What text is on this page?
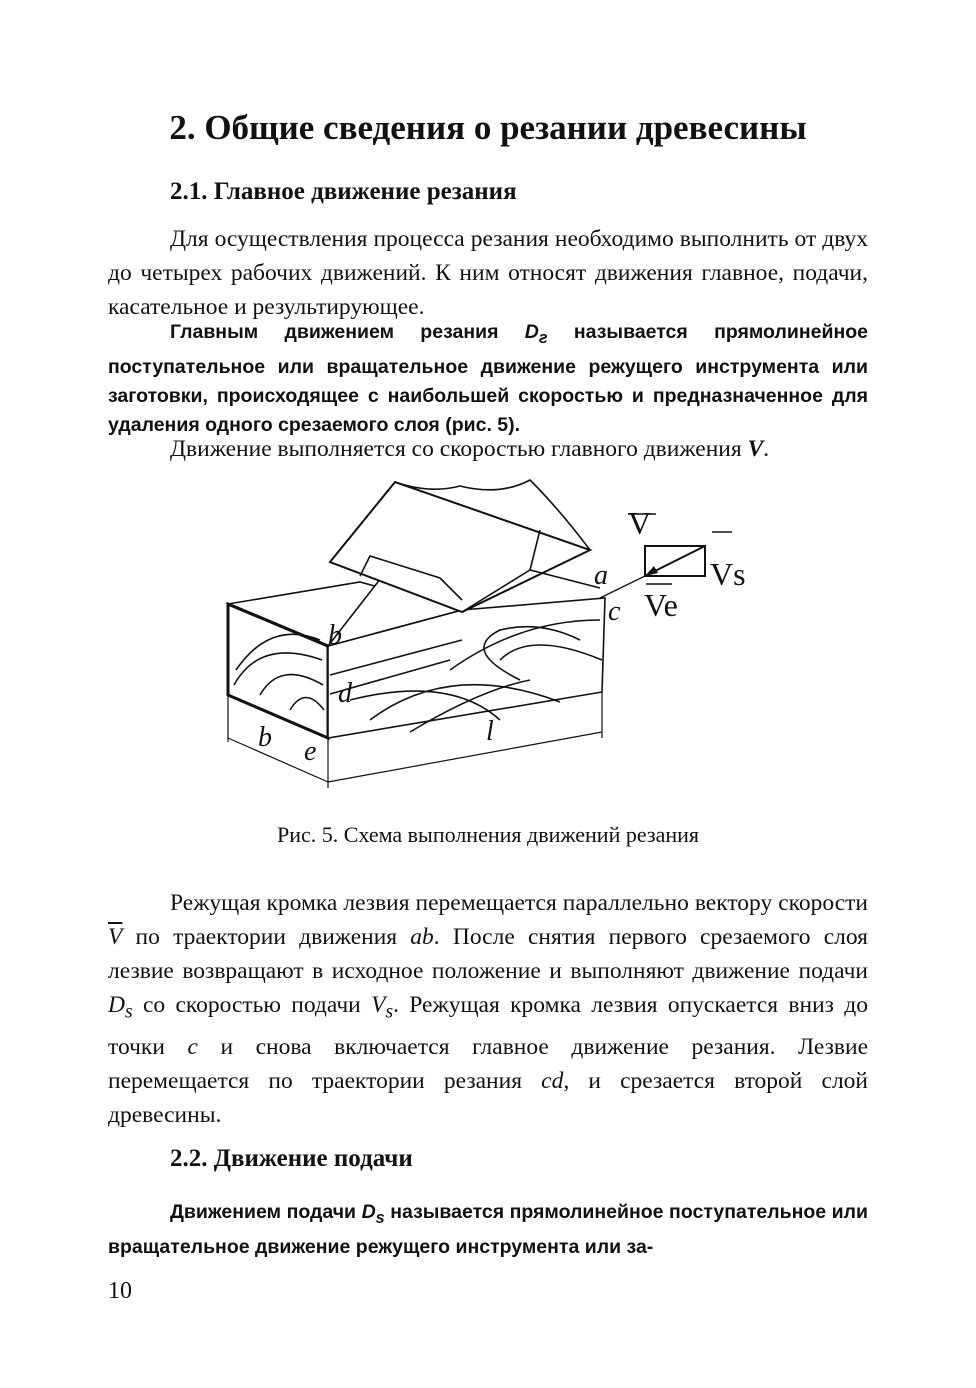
2. Общие сведения о резании древесины
2.1. Главное движение резания

Для осуществления процесса резания необходимо выполнить от двух до четырех рабочих движений. К ним относят движения главное, подачи, касательное и результирующее.

Главным движением резания $D_г$ называется прямолинейное поступательное или вращательное движение режущего инструмента или заготовки, происходящее с наибольшей скоростью и предназначенное для удаления одного срезаемого слоя (рис. 5).

Движение выполняется со скоростью главного движения V.

V
Vs
Ve
a
c
b
d
b e
l

Рис. 5. Схема выполнения движений резания

Режущая кромка лезвия перемещается параллельно вектору скорости $\overline{V}$ по траектории движения ab. После снятия первого срезаемого слоя лезвие возвращают в исходное положение и выполняют движение подачи $D_s$ со скоростью подачи $V_s$. Режущая кромка лезвия опускается вниз до точки c и снова включается главное движение резания. Лезвие перемещается по траектории резания cd, и срезается второй слой древесины.

2.2. Движение подачи

Движением подачи $D_s$ называется прямолинейное поступательное или вращательное движение режущего инструмента или за-

10
